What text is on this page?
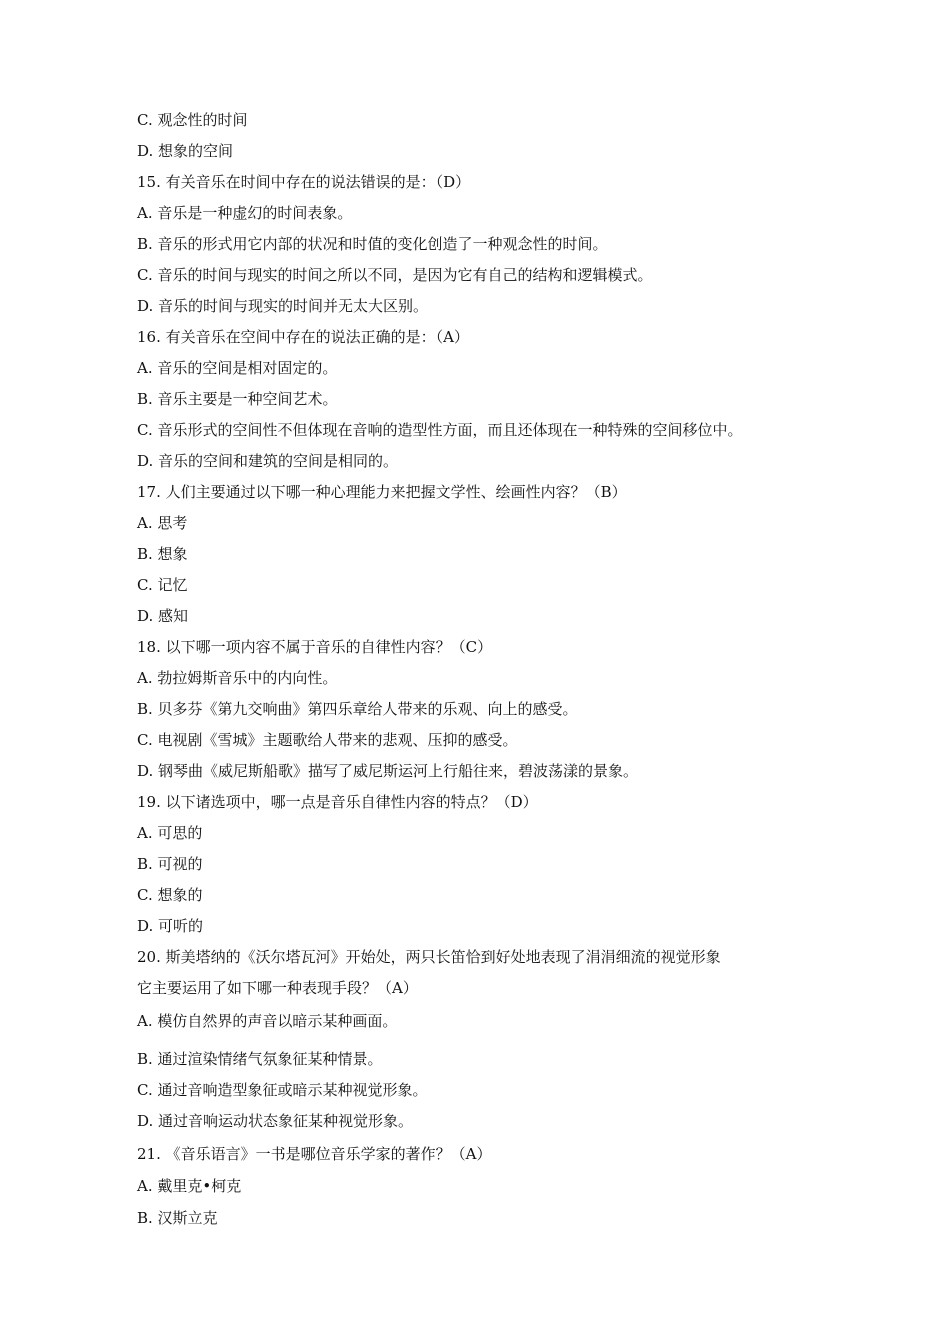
C. 观念性的时间
D. 想象的空间
15. 有关音乐在时间中存在的说法错误的是：（D）
A. 音乐是一种虚幻的时间表象。
B. 音乐的形式用它内部的状况和时值的变化创造了一种观念性的时间。
C. 音乐的时间与现实的时间之所以不同，是因为它有自己的结构和逻辑模式。
D. 音乐的时间与现实的时间并无太大区别。
16. 有关音乐在空间中存在的说法正确的是：（A）
A. 音乐的空间是相对固定的。
B. 音乐主要是一种空间艺术。
C. 音乐形式的空间性不但体现在音响的造型性方面，而且还体现在一种特殊的空间移位中。
D. 音乐的空间和建筑的空间是相同的。
17. 人们主要通过以下哪一种心理能力来把握文学性、绘画性内容？（B）
A. 思考
B. 想象
C. 记忆
D. 感知
18. 以下哪一项内容不属于音乐的自律性内容？（C）
A. 勃拉姆斯音乐中的内向性。
B. 贝多芬《第九交响曲》第四乐章给人带来的乐观、向上的感受。
C. 电视剧《雪城》主题歌给人带来的悲观、压抑的感受。
D. 钢琴曲《威尼斯船歌》描写了威尼斯运河上行船往来，碧波荡漾的景象。
19. 以下诸选项中，哪一点是音乐自律性内容的特点？（D）
A. 可思的
B. 可视的
C. 想象的
D. 可听的
20. 斯美塔纳的《沃尔塔瓦河》开始处，两只长笛恰到好处地表现了涓涓细流的视觉形象
它主要运用了如下哪一种表现手段？（A）
A. 模仿自然界的声音以暗示某种画面。
B. 通过渲染情绪气氛象征某种情景。
C. 通过音响造型象征或暗示某种视觉形象。
D. 通过音响运动状态象征某种视觉形象。
21. 《音乐语言》一书是哪位音乐学家的著作？（A）
A. 戴里克•柯克
B. 汉斯立克
